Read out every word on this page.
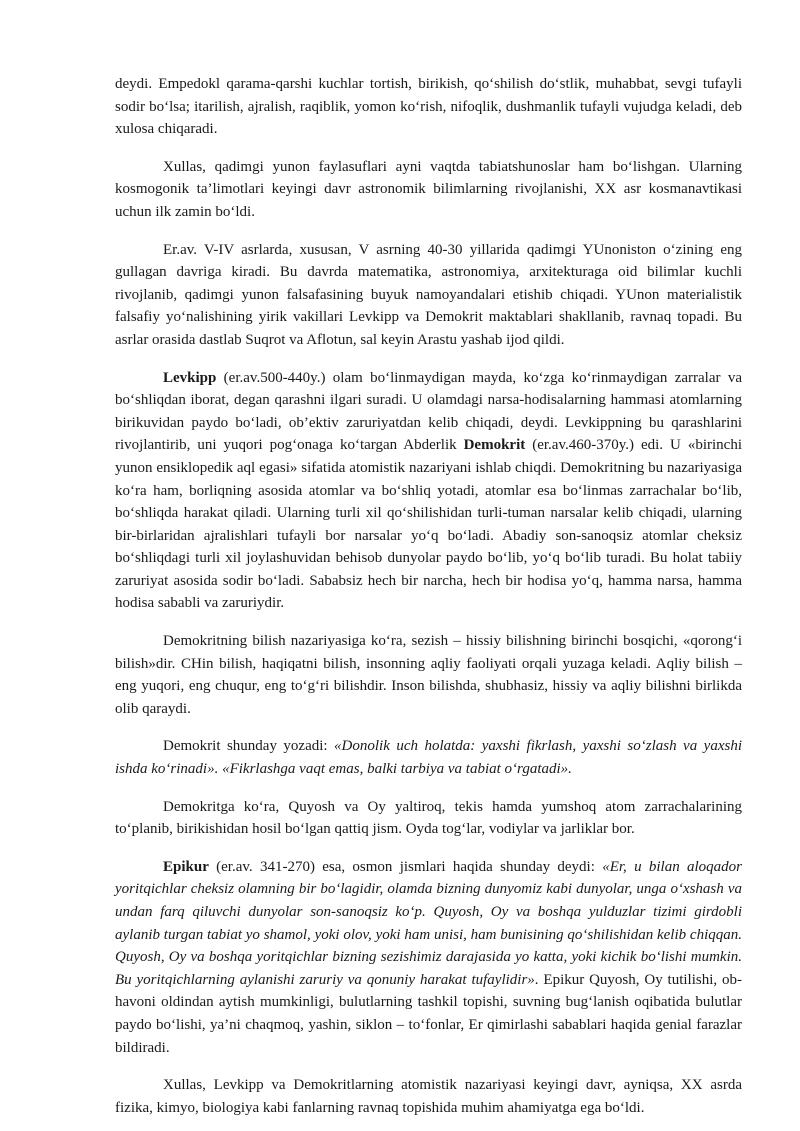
deydi. Empedokl qarama-qarshi kuchlar tortish, birikish, qo‘shilish do‘stlik, muhabbat, sevgi tufayli sodir bo‘lsa; itarilish, ajralish, raqiblik, yomon ko‘rish, nifoqlik, dushmanlik tufayli vujudga keladi, deb xulosa chiqaradi.

Xullas, qadimgi yunon faylasuflari ayni vaqtda tabiatshunoslar ham bo‘lishgan. Ularning kosmogonik ta’limotlari keyingi davr astronomik bilimlarning rivojlanishi, XX asr kosmanavtikasi uchun ilk zamin bo‘ldi.

Er.av. V-IV asrlarda, xususan, V asrning 40-30 yillarida qadimgi YUnoniston o‘zining eng gullagan davriga kiradi. Bu davrda matematika, astronomiya, arxitekturaga oid bilimlar kuchli rivojlanib, qadimgi yunon falsafasining buyuk namoyandalari etishib chiqadi. YUnon materialistik falsafiy yo‘nalishining yirik vakillari Levkipp va Demokrit maktablari shakllanib, ravnaq topadi. Bu asrlar orasida dastlab Suqrot va Aflotun, sal keyin Arastu yashab ijod qildi.

Levkipp (er.av.500-440y.) olam bo‘linmaydigan mayda, ko‘zga ko‘rinmaydigan zarralar va bo‘shliqdan iborat, degan qarashni ilgari suradi. U olamdagi narsa-hodisalarning hammasi atomlarning birikuvidan paydo bo‘ladi, ob’ektiv zaruriyatdan kelib chiqadi, deydi. Levkippning bu qarashlarini rivojlantirib, uni yuqori pog‘onaga ko‘targan Abderlik Demokrit (er.av.460-370y.) edi. U «birinchi yunon ensiklopedik aql egasi» sifatida atomistik nazariyani ishlab chiqdi. Demokritning bu nazariyasiga ko‘ra ham, borliqning asosida atomlar va bo‘shliq yotadi, atomlar esa bo‘linmas zarrachalar bo‘lib, bo‘shliqda harakat qiladi. Ularning turli xil qo‘shilishidan turli-tuman narsalar kelib chiqadi, ularning bir-birlaridan ajralishlari tufayli bor narsalar yo‘q bo‘ladi. Abadiy son-sanoqsiz atomlar cheksiz bo‘shliqdagi turli xil joylashuvidan behisob dunyolar paydo bo‘lib, yo‘q bo‘lib turadi. Bu holat tabiiy zaruriyat asosida sodir bo‘ladi. Sababsiz hech bir narcha, hech bir hodisa yo‘q, hamma narsa, hamma hodisa sababli va zaruriydir.

Demokritning bilish nazariyasiga ko‘ra, sezish – hissiy bilishning birinchi bosqichi, «qorong‘i bilish»dir. CHin bilish, haqiqatni bilish, insonning aqliy faoliyati orqali yuzaga keladi. Aqliy bilish – eng yuqori, eng chuqur, eng to‘g‘ri bilishdir. Inson bilishda, shubhasiz, hissiy va aqliy bilishni birlikda olib qaraydi.

Demokrit shunday yozadi: «Donolik uch holatda: yaxshi fikrlash, yaxshi so‘zlash va yaxshi ishda ko‘rinadi». «Fikrlashga vaqt emas, balki tarbiya va tabiat o‘rgatadi».

Demokritga ko‘ra, Quyosh va Oy yaltiroq, tekis hamda yumshoq atom zarrachalarining to‘planib, birikishidan hosil bo‘lgan qattiq jism. Oyda tog‘lar, vodiylar va jarliklar bor.

Epikur (er.av. 341-270) esa, osmon jismlari haqida shunday deydi: «Er, u bilan aloqador yoritqichlar cheksiz olamning bir bo‘lagidir, olamda bizning dunyomiz kabi dunyolar, unga o‘xshash va undan farq qiluvchi dunyolar son-sanoqsiz ko‘p. Quyosh, Oy va boshqa yulduzlar tizimi girdobli aylanib turgan tabiat yo shamol, yoki olov, yoki ham unisi, ham bunisining qo‘shilishidan kelib chiqqan. Quyosh, Oy va boshqa yoritqichlar bizning sezishimiz darajasida yo katta, yoki kichik bo‘lishi mumkin. Bu yoritqichlarning aylanishi zaruriy va qonuniy harakat tufaylidir». Epikur Quyosh, Oy tutilishi, ob-havoni oldindan aytish mumkinligi, bulutlarning tashkil topishi, suvning bug‘lanish oqibatida bulutlar paydo bo‘lishi, ya’ni chaqmoq, yashin, siklon – to‘fonlar, Er qimirlashi sabablari haqida genial farazlar bildiradi.

Xullas, Levkipp va Demokritlarning atomistik nazariyasi keyingi davr, ayniqsa, XX asrda fizika, kimyo, biologiya kabi fanlarning ravnaq topishida muhim ahamiyatga ega bo‘ldi.
